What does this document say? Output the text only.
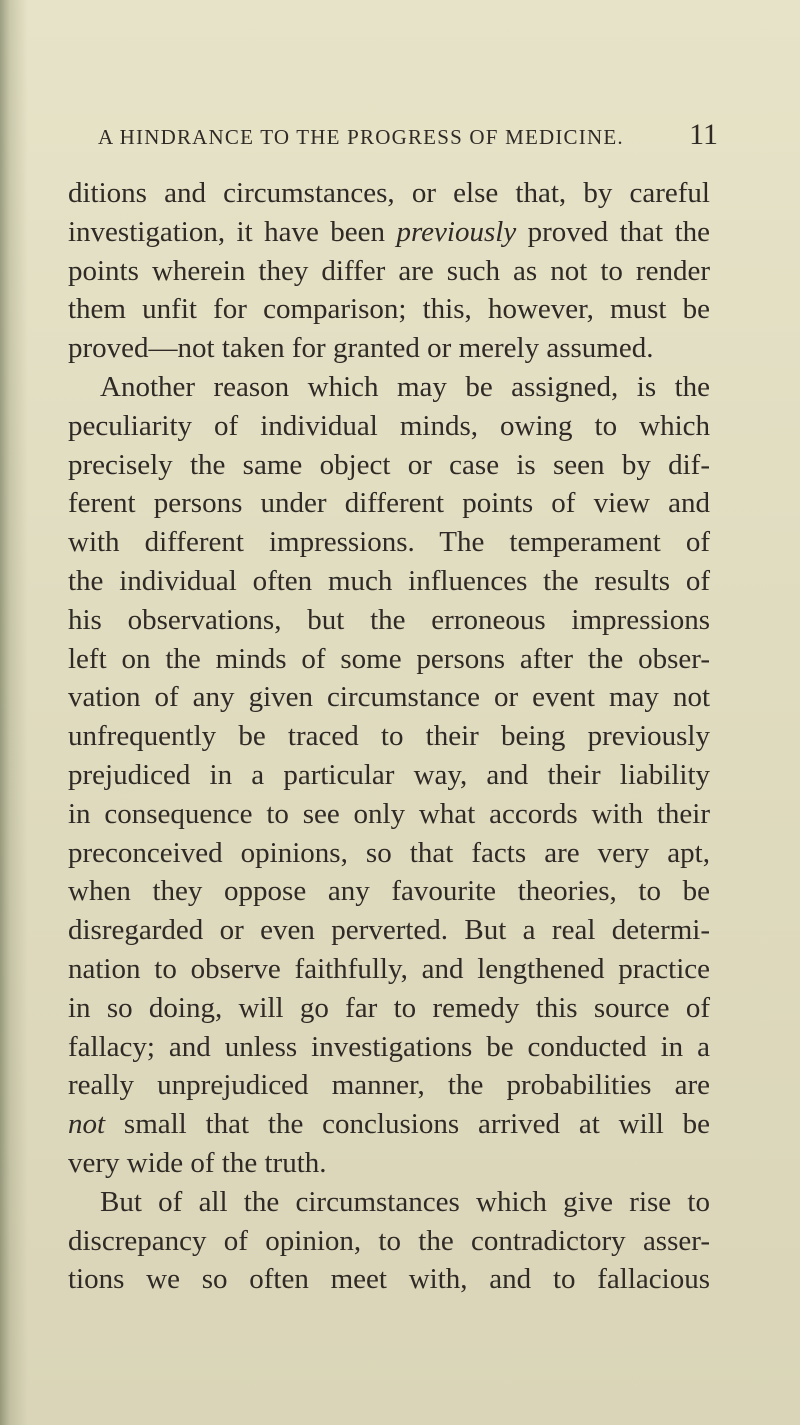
A HINDRANCE TO THE PROGRESS OF MEDICINE. 11
ditions and circumstances, or else that, by careful
investigation, it have been previously proved that the
points wherein they differ are such as not to render
them unfit for comparison; this, however, must be
proved—not taken for granted or merely assumed.
Another reason which may be assigned, is the
peculiarity of individual minds, owing to which
precisely the same object or case is seen by dif-
ferent persons under different points of view and
with different impressions. The temperament of
the individual often much influences the results of
his observations, but the erroneous impressions
left on the minds of some persons after the obser-
vation of any given circumstance or event may not
unfrequently be traced to their being previously
prejudiced in a particular way, and their liability
in consequence to see only what accords with their
preconceived opinions, so that facts are very apt,
when they oppose any favourite theories, to be
disregarded or even perverted. But a real determi-
nation to observe faithfully, and lengthened practice
in so doing, will go far to remedy this source of
fallacy; and unless investigations be conducted in a
really unprejudiced manner, the probabilities are
not small that the conclusions arrived at will be
very wide of the truth.
But of all the circumstances which give rise to
discrepancy of opinion, to the contradictory asser-
tions we so often meet with, and to fallacious
